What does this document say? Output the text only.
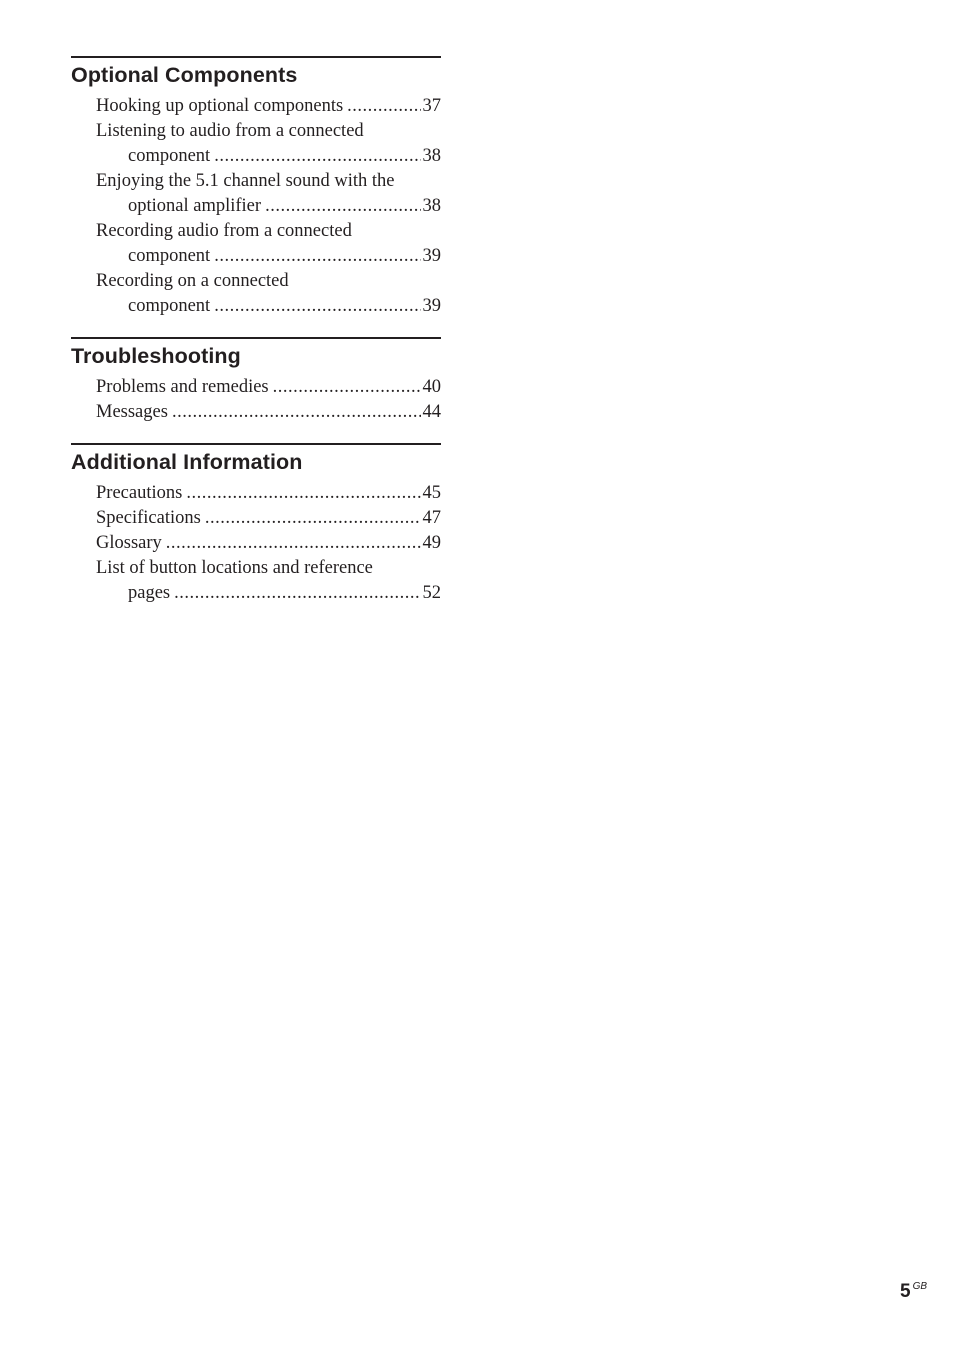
Optional Components
Hooking up optional components .....	37
Listening to audio from a connected
component .....	38
Enjoying the 5.1 channel sound with the
optional amplifier .....	38
Recording audio from a connected
component .....	39
Recording on a connected
component .....	39
Troubleshooting
Problems and remedies .....	40
Messages .....	44
Additional Information
Precautions .....	45
Specifications .....	47
Glossary .....	49
List of button locations and reference
pages .....	52
5 $^{GB}$
